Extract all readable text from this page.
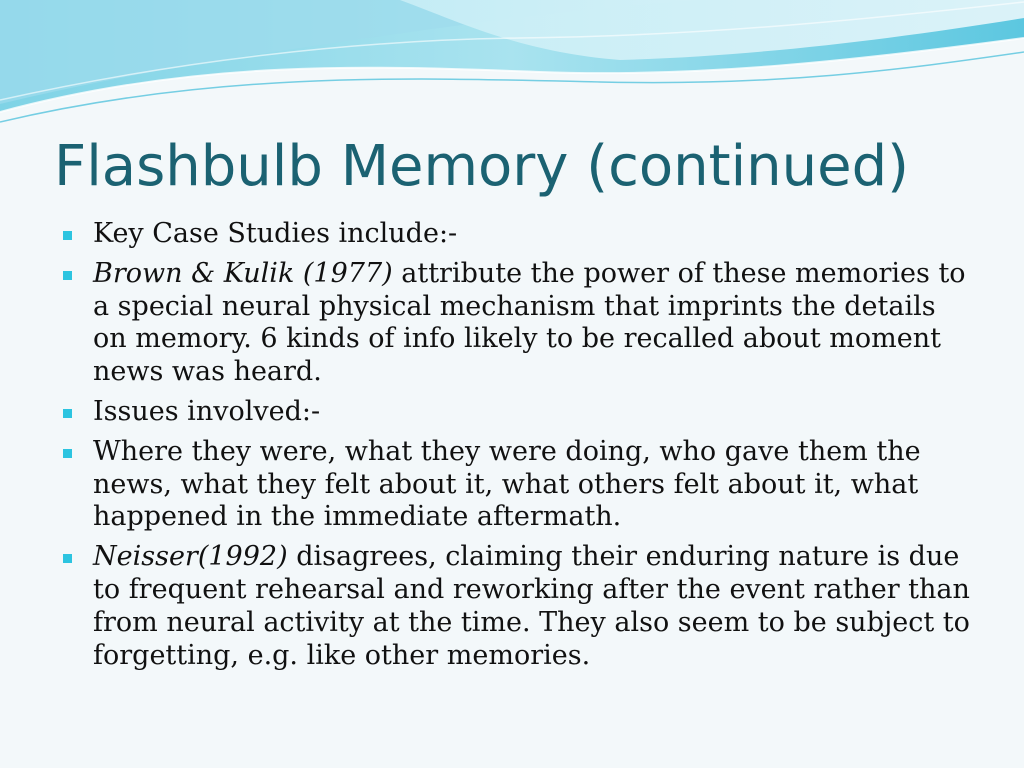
Flashbulb Memory (continued)
Key Case Studies include:-
Brown & Kulik (1977) attribute the power of these memories to a special neural physical mechanism that imprints the details on memory. 6 kinds of info likely to be recalled about moment news was heard.
Issues involved:-
Where they were, what they were doing, who gave them the news, what they felt about it, what others felt about it, what happened in the immediate aftermath.
Neisser(1992) disagrees, claiming their enduring nature is due to frequent rehearsal and reworking after the event rather than from neural activity at the time. They also seem to be subject to forgetting, e.g. like other memories.
